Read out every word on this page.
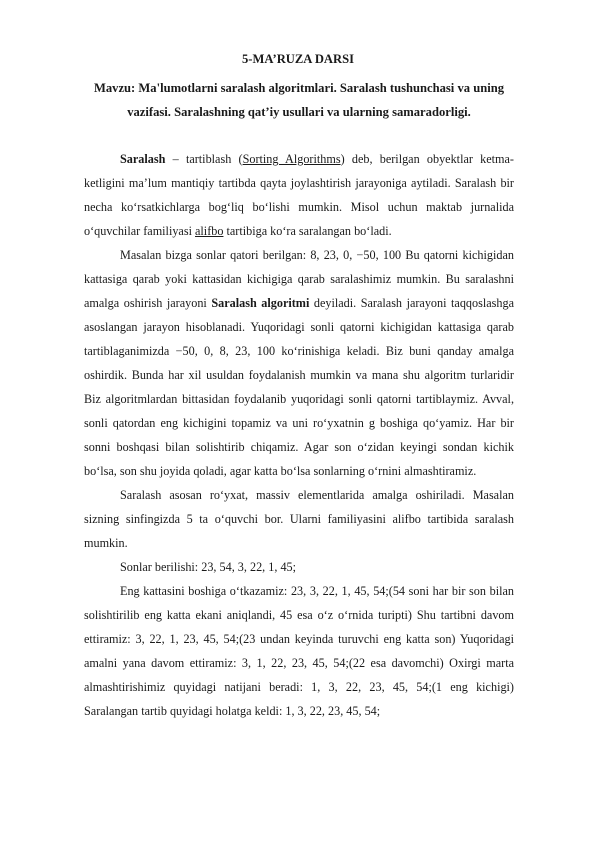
5-MA’RUZA DARSI
Mavzu: Ma'lumotlarni saralash algoritmlari. Saralash tushunchasi va uning vazifasi. Saralashning qat’iy usullari va ularning samaradorligi.

Saralash – tartiblash (Sorting Algorithms) deb, berilgan obyektlar ketma-ketligini ma’lum mantiqiy tartibda qayta joylashtirish jarayoniga aytiladi. Saralash bir necha ko‘rsatkichlarga bog‘liq bo‘lishi mumkin. Misol uchun maktab jurnalida o‘quvchilar familiyasi alifbo tartibiga ko‘ra saralangan bo‘ladi.

Masalan bizga sonlar qatori berilgan: 8, 23, 0, −50, 100 Bu qatorni kichigidan kattasiga qarab yoki kattasidan kichigiga qarab saralashimiz mumkin. Bu saralashni amalga oshirish jarayoni Saralash algoritmi deyiladi. Saralash jarayoni taqqoslashga asoslangan jarayon hisoblanadi. Yuqoridagi sonli qatorni kichigidan kattasiga qarab tartiblaganimizda −50, 0, 8, 23, 100 ko‘rinishiga keladi. Biz buni qanday amalga oshirdik. Bunda har xil usuldan foydalanish mumkin va mana shu algoritm turlaridir Biz algoritmlardan bittasidan foydalanib yuqoridagi sonli qatorni tartiblaymiz. Avval, sonli qatordan eng kichigini topamiz va uni ro‘yxatnin g boshiga qo‘yamiz. Har bir sonni boshqasi bilan solishtirib chiqamiz. Agar son o‘zidan keyingi sondan kichik bo‘lsa, son shu joyida qoladi, agar katta bo‘lsa sonlarning o‘rnini almashtiramiz.

Saralash asosan ro‘yxat, massiv elementlarida amalga oshiriladi. Masalan sizning sinfingizda 5 ta o‘quvchi bor. Ularni familiyasini alifbo tartibida saralash mumkin.

Sonlar berilishi: 23, 54, 3, 22, 1, 45;

Eng kattasini boshiga o‘tkazamiz: 23, 3, 22, 1, 45, 54;(54 soni har bir son bilan solishtirilib eng katta ekani aniqlandi, 45 esa o‘z o‘rnida turipti) Shu tartibni davom ettiramiz: 3, 22, 1, 23, 45, 54;(23 undan keyinda turuvchi eng katta son) Yuqoridagi amalni yana davom ettiramiz: 3, 1, 22, 23, 45, 54;(22 esa davomchi) Oxirgi marta almashtirishimiz quyidagi natijani beradi: 1, 3, 22, 23, 45, 54;(1 eng kichigi) Saralangan tartib quyidagi holatga keldi: 1, 3, 22, 23, 45, 54;
